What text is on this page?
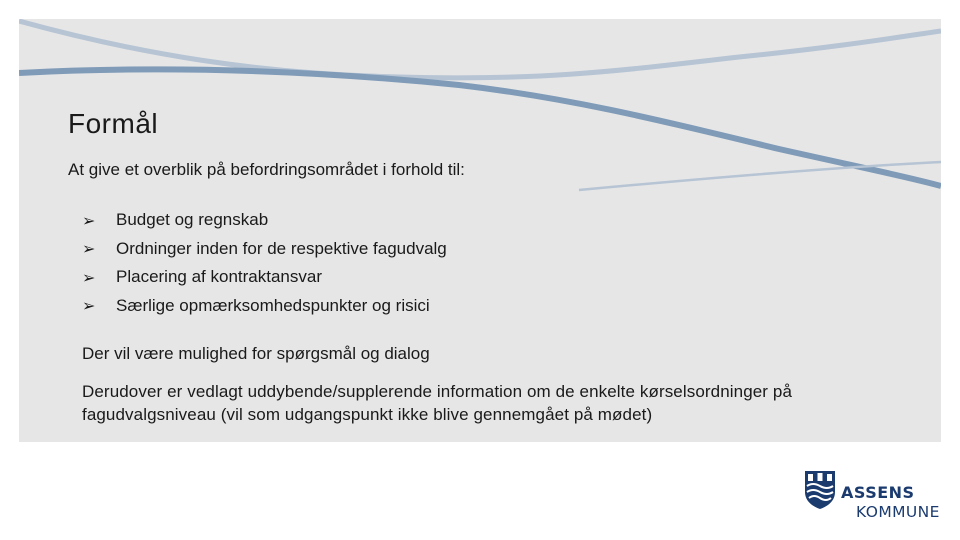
Formål
At give et overblik på befordringsområdet i forhold til:
➢	Budget og regnskab
➢	Ordninger inden for de respektive fagudvalg
➢	Placering af kontraktansvar
➢	Særlige opmærksomhedspunkter og risici
Der vil være mulighed for spørgsmål og dialog
Derudover er vedlagt uddybende/supplerende information om de enkelte kørselsordninger på fagudvalgsniveau (vil som udgangspunkt ikke blive gennemgået på mødet)
ASSENS
KOMMUNE
